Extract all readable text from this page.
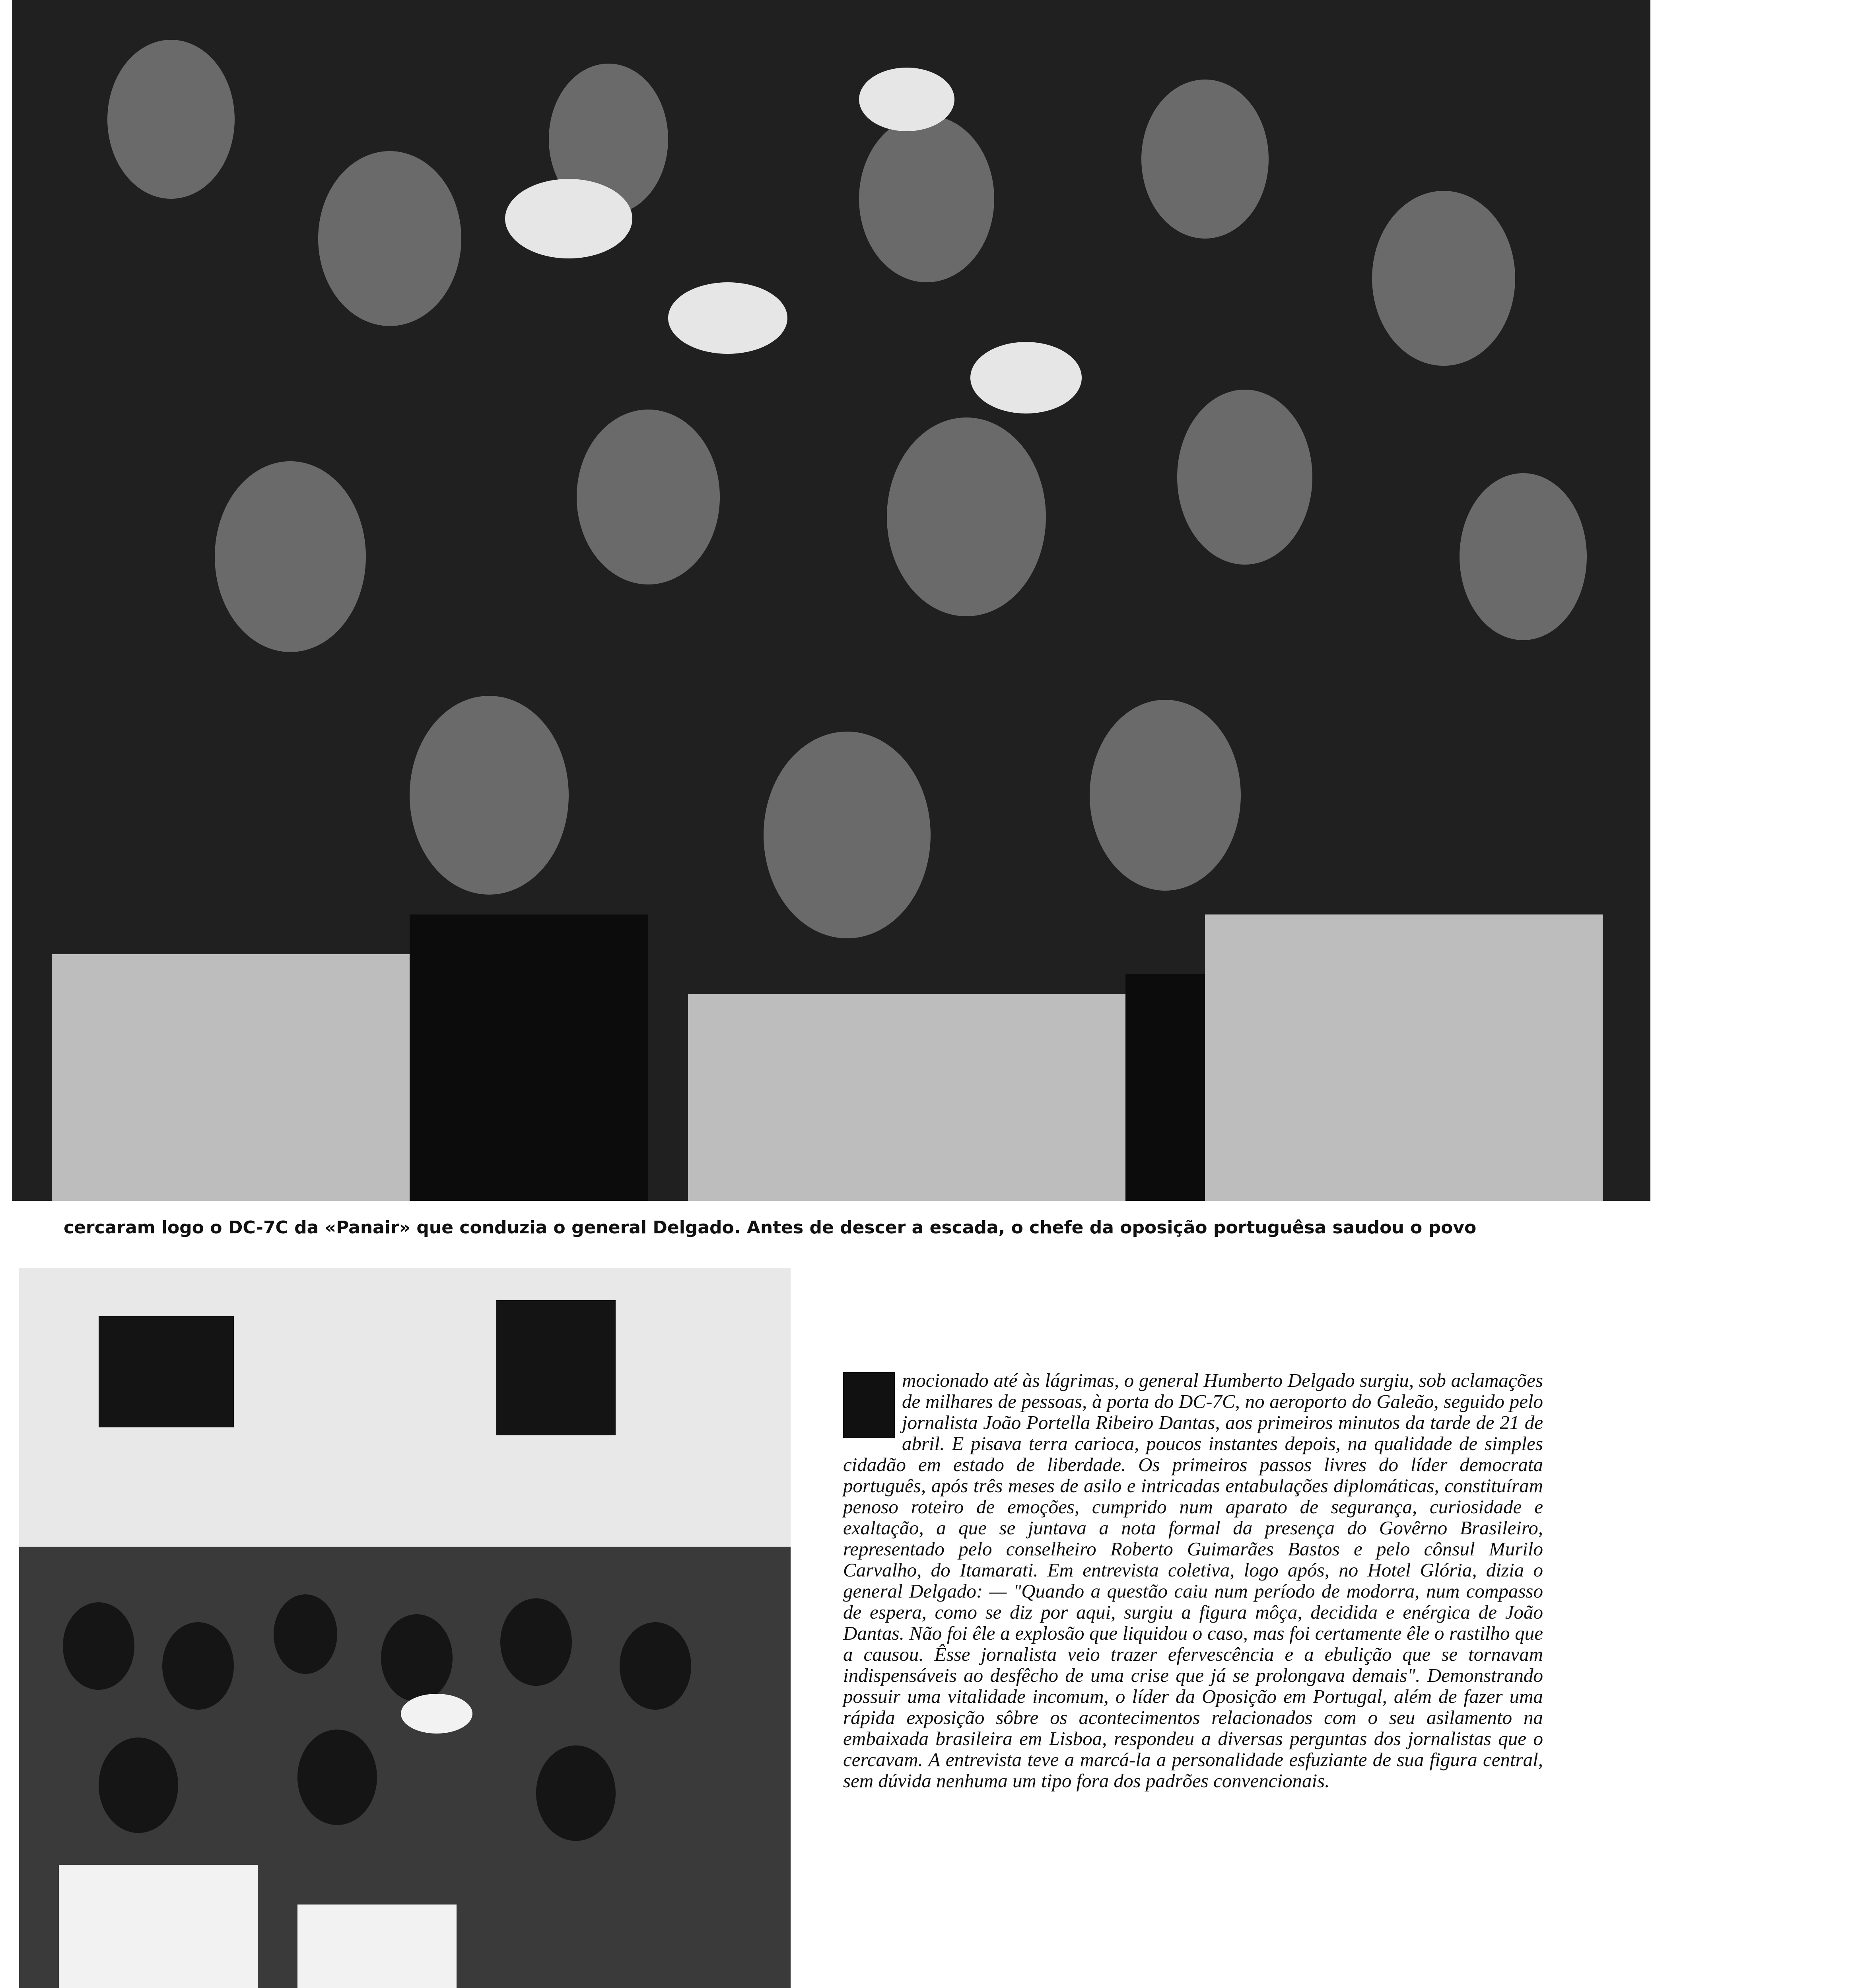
cercaram logo o DC-7C da «Panair» que conduzia o general Delgado. Antes de descer a escada, o chefe da oposição portuguêsa saudou o povo
mocionado até às lágrimas, o general Humberto Delgado surgiu, sob aclamações de milhares de pessoas, à porta do DC-7C, no aeroporto do Galeão, seguido pelo jornalista João Portella Ribeiro Dantas, aos primeiros minutos da tarde de 21 de abril. E pisava terra carioca, poucos instantes depois, na qualidade de simples cidadão em estado de liberdade. Os primeiros passos livres do líder democrata português, após três meses de asilo e intricadas entabulações diplomáticas, constituíram penoso roteiro de emoções, cumprido num aparato de segurança, curiosidade e exaltação, a que se juntava a nota formal da presença do Govêrno Brasileiro, representado pelo conselheiro Roberto Guimarães Bastos e pelo cônsul Murilo Carvalho, do Itamarati. Em entrevista coletiva, logo após, no Hotel Glória, dizia o general Delgado: — "Quando a questão caiu num período de modorra, num compasso de espera, como se diz por aqui, surgiu a figura môça, decidida e enérgica de João Dantas. Não foi êle a explosão que liquidou o caso, mas foi certamente êle o rastilho que a causou. Êsse jornalista veio trazer efervescência e a ebulição que se tornavam indispensáveis ao desfêcho de uma crise que já se prolongava demais". Demonstrando possuir uma vitalidade incomum, o líder da Oposição em Portugal, além de fazer uma rápida exposição sôbre os acontecimentos relacionados com o seu asilamento na embaixada brasileira em Lisboa, respondeu a diversas perguntas dos jornalistas que o cercavam. A entrevista teve a marcá-la a personalidade esfuziante de sua figura central, sem dúvida nenhuma um tipo fora dos padrões convencionais.
